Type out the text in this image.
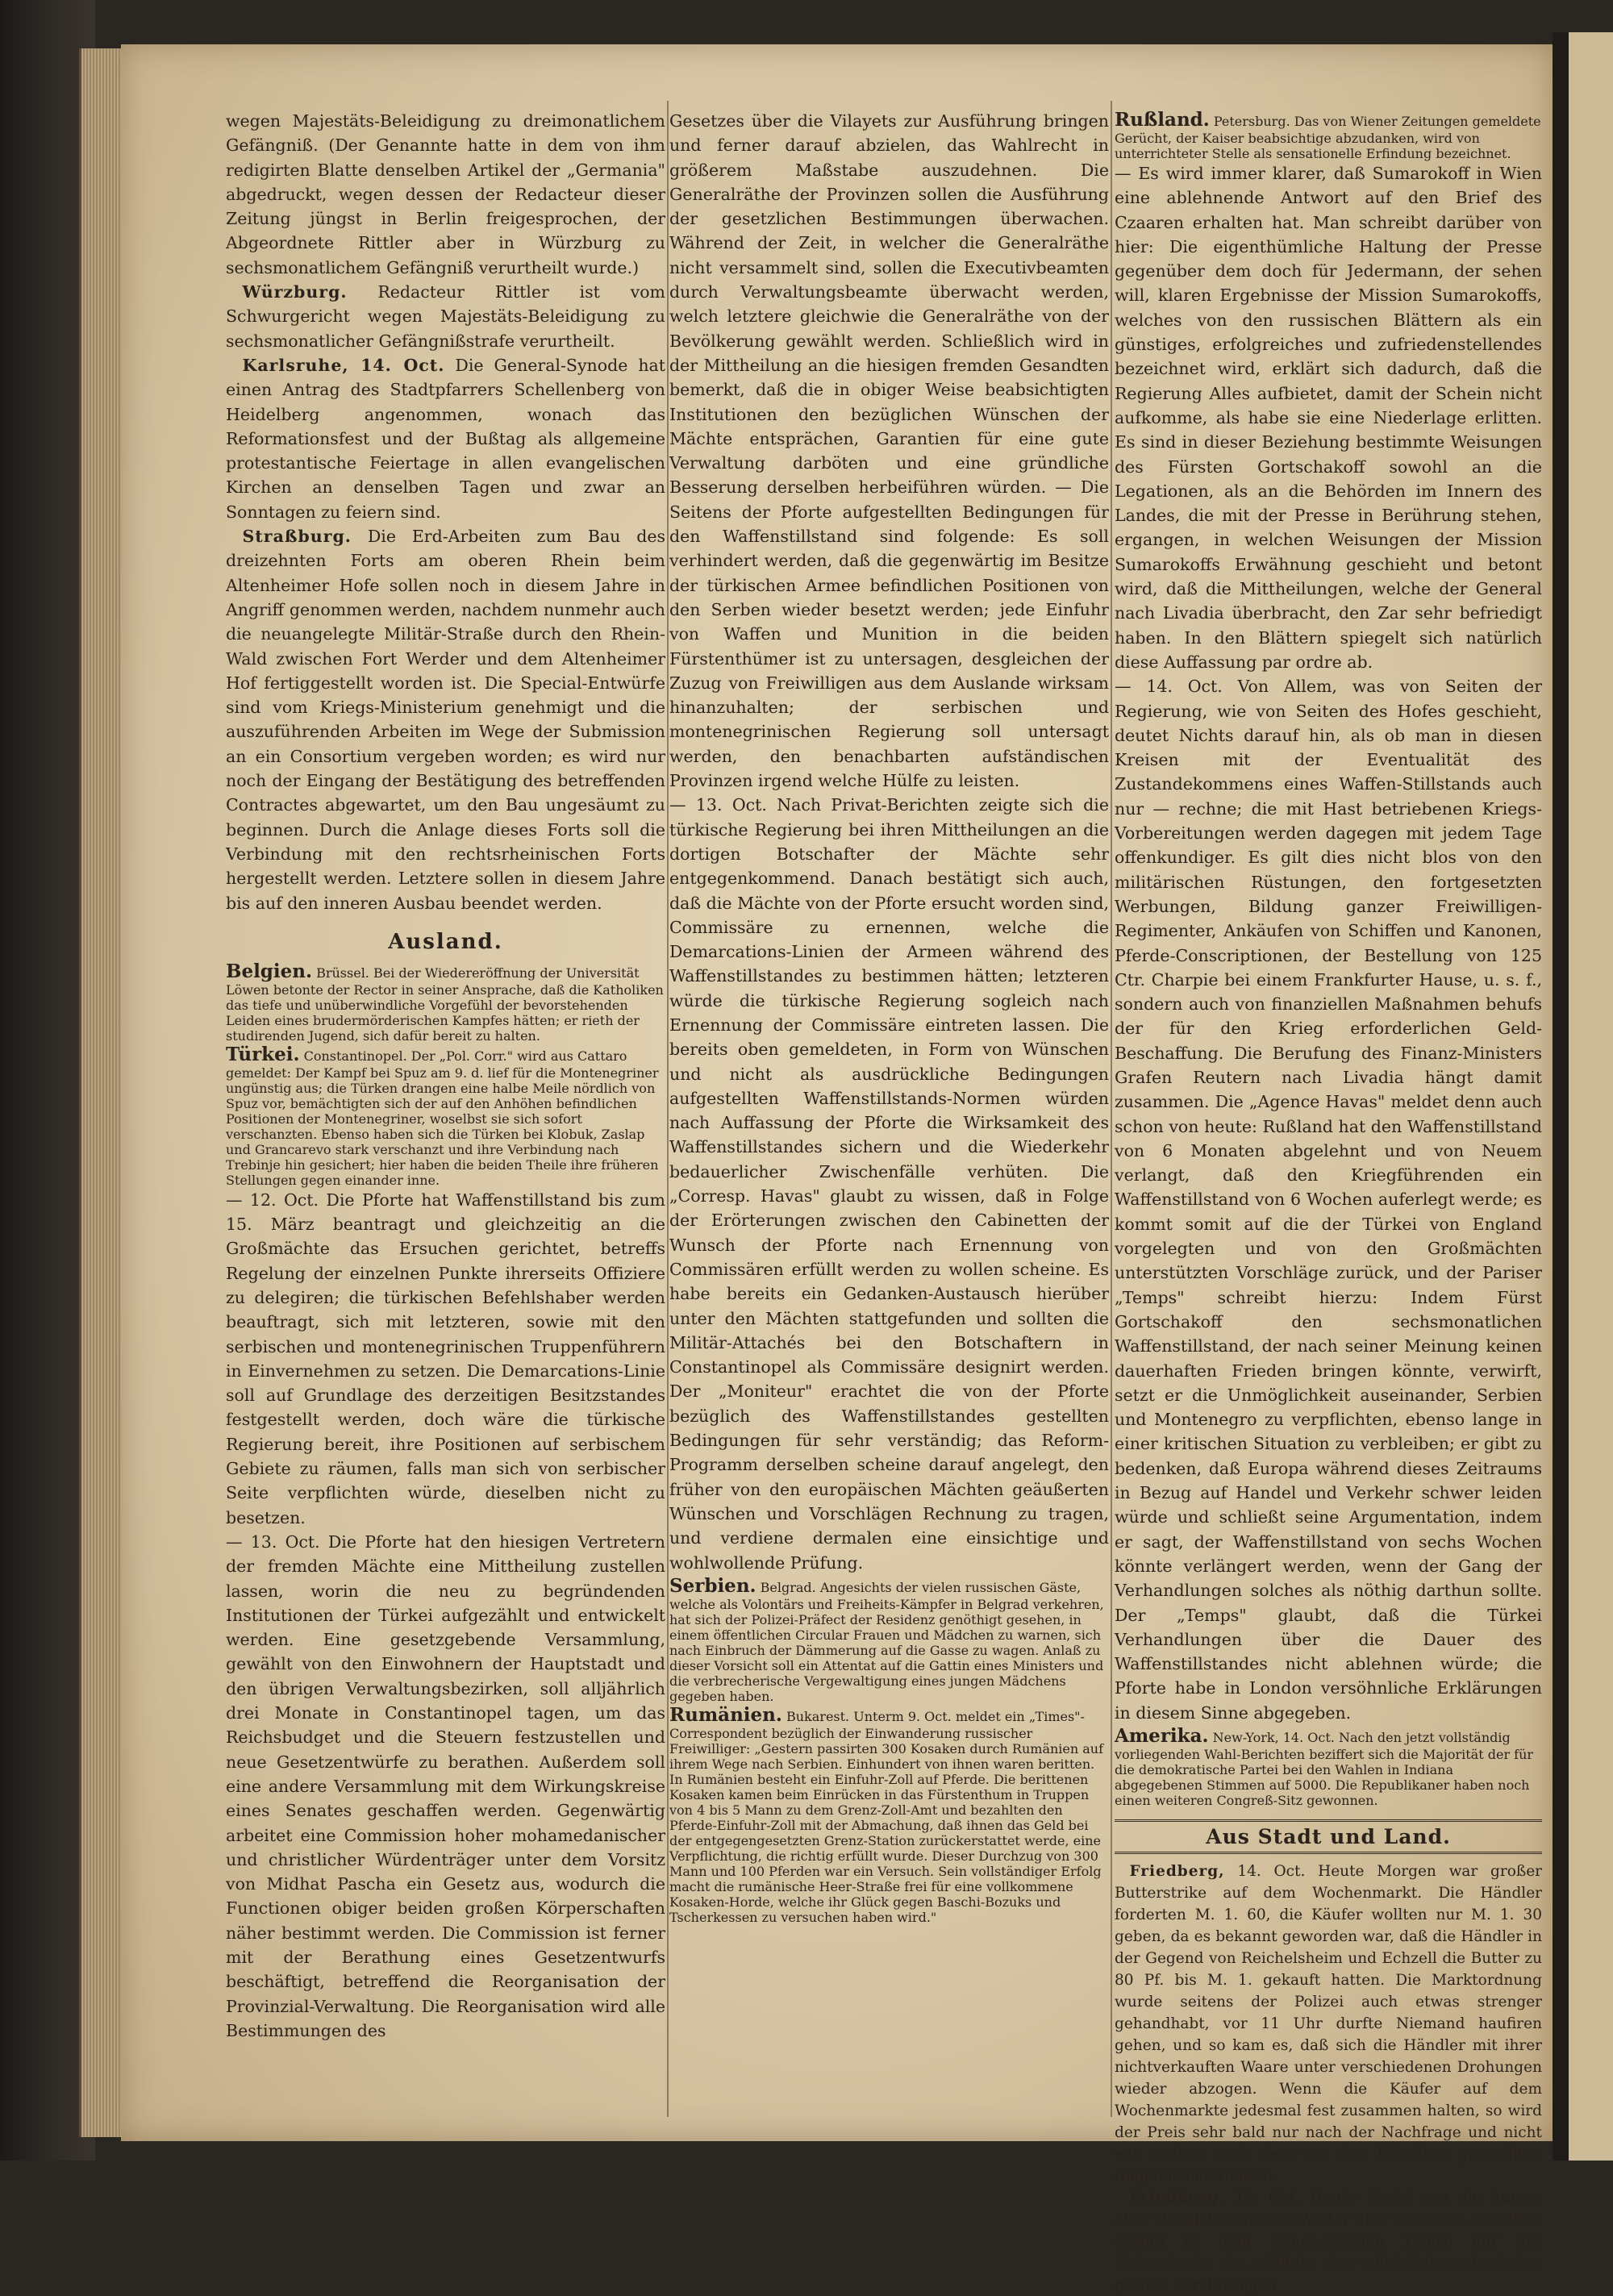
wegen Majestäts-Beleidigung zu dreimonatlichem Gefängniß. (Der Genannte hatte in dem von ihm redigirten Blatte denselben Artikel der „Germania" abgedruckt, wegen dessen der Redacteur dieser Zeitung jüngst in Berlin freigesprochen, der Abgeordnete Rittler aber in Würzburg zu sechsmonatlichem Gefängniß verurtheilt wurde.)

 Würzburg. Redacteur Rittler ist vom Schwurgericht wegen Majestäts-Beleidigung zu sechsmonatlicher Gefängnißstrafe verurtheilt.

 Karlsruhe, 14. Oct. Die General-Synode hat einen Antrag des Stadtpfarrers Schellenberg von Heidelberg angenommen, wonach das Reformationsfest und der Bußtag als allgemeine protestantische Feiertage in allen evangelischen Kirchen an denselben Tagen und zwar an Sonntagen zu feiern sind.

 Straßburg. Die Erd-Arbeiten zum Bau des dreizehnten Forts am oberen Rhein beim Altenheimer Hofe sollen noch in diesem Jahre in Angriff genommen werden, nachdem nunmehr auch die neuangelegte Militär-Straße durch den Rhein-Wald zwischen Fort Werder und dem Altenheimer Hof fertiggestellt worden ist. Die Special-Entwürfe sind vom Kriegs-Ministerium genehmigt und die auszuführenden Arbeiten im Wege der Submission an ein Consortium vergeben worden; es wird nur noch der Eingang der Bestätigung des betreffenden Contractes abgewartet, um den Bau ungesäumt zu beginnen. Durch die Anlage dieses Forts soll die Verbindung mit den rechtsrheinischen Forts hergestellt werden. Letztere sollen in diesem Jahre bis auf den inneren Ausbau beendet werden.

Ausland.

Belgien. Brüssel. Bei der Wiedereröffnung der Universität Löwen betonte der Rector in seiner Ansprache, daß die Katholiken das tiefe und unüberwindliche Vorgefühl der bevorstehenden Leiden eines brudermörderischen Kampfes hätten; er rieth der studirenden Jugend, sich dafür bereit zu halten.

Türkei. Constantinopel. Der „Pol. Corr." wird aus Cattaro gemeldet: Der Kampf bei Spuz am 9. d. lief für die Montenegriner ungünstig aus; die Türken drangen eine halbe Meile nördlich von Spuz vor, bemächtigten sich der auf den Anhöhen befindlichen Positionen der Montenegriner, woselbst sie sich sofort verschanzten. Ebenso haben sich die Türken bei Klobuk, Zaslap und Grancarevo stark verschanzt und ihre Verbindung nach Trebinje hin gesichert; hier haben die beiden Theile ihre früheren Stellungen gegen einander inne.

— 12. Oct. Die Pforte hat Waffenstillstand bis zum 15. März beantragt und gleichzeitig an die Großmächte das Ersuchen gerichtet, betreffs Regelung der einzelnen Punkte ihrerseits Offiziere zu delegiren; die türkischen Befehlshaber werden beauftragt, sich mit letzteren, sowie mit den serbischen und montenegrinischen Truppenführern in Einvernehmen zu setzen. Die Demarcations-Linie soll auf Grundlage des derzeitigen Besitzstandes festgestellt werden, doch wäre die türkische Regierung bereit, ihre Positionen auf serbischem Gebiete zu räumen, falls man sich von serbischer Seite verpflichten würde, dieselben nicht zu besetzen.

— 13. Oct. Die Pforte hat den hiesigen Vertretern der fremden Mächte eine Mittheilung zustellen lassen, worin die neu zu begründenden Institutionen der Türkei aufgezählt und entwickelt werden. Eine gesetzgebende Versammlung, gewählt von den Einwohnern der Hauptstadt und den übrigen Verwaltungsbezirken, soll alljährlich drei Monate in Constantinopel tagen, um das Reichsbudget und die Steuern festzustellen und neue Gesetzentwürfe zu berathen. Außerdem soll eine andere Versammlung mit dem Wirkungskreise eines Senates geschaffen werden. Gegenwärtig arbeitet eine Commission hoher mohamedanischer und christlicher Würdenträger unter dem Vorsitz von Midhat Pascha ein Gesetz aus, wodurch die Functionen obiger beiden großen Körperschaften näher bestimmt werden. Die Commission ist ferner mit der Berathung eines Gesetzentwurfs beschäftigt, betreffend die Reorganisation der Provinzial-Verwaltung. Die Reorganisation wird alle Bestimmungen des

Gesetzes über die Vilayets zur Ausführung bringen und ferner darauf abzielen, das Wahlrecht in größerem Maßstabe auszudehnen. Die Generalräthe der Provinzen sollen die Ausführung der gesetzlichen Bestimmungen überwachen. Während der Zeit, in welcher die Generalräthe nicht versammelt sind, sollen die Executivbeamten durch Verwaltungsbeamte überwacht werden, welch letztere gleichwie die Generalräthe von der Bevölkerung gewählt werden. Schließlich wird in der Mittheilung an die hiesigen fremden Gesandten bemerkt, daß die in obiger Weise beabsichtigten Institutionen den bezüglichen Wünschen der Mächte entsprächen, Garantien für eine gute Verwaltung darböten und eine gründliche Besserung derselben herbeiführen würden. — Die Seitens der Pforte aufgestellten Bedingungen für den Waffenstillstand sind folgende: Es soll verhindert werden, daß die gegenwärtig im Besitze der türkischen Armee befindlichen Positionen von den Serben wieder besetzt werden; jede Einfuhr von Waffen und Munition in die beiden Fürstenthümer ist zu untersagen, desgleichen der Zuzug von Freiwilligen aus dem Auslande wirksam hinanzuhalten; der serbischen und montenegrinischen Regierung soll untersagt werden, den benachbarten aufständischen Provinzen irgend welche Hülfe zu leisten.

— 13. Oct. Nach Privat-Berichten zeigte sich die türkische Regierung bei ihren Mittheilungen an die dortigen Botschafter der Mächte sehr entgegenkommend. Danach bestätigt sich auch, daß die Mächte von der Pforte ersucht worden sind, Commissäre zu ernennen, welche die Demarcations-Linien der Armeen während des Waffenstillstandes zu bestimmen hätten; letzteren würde die türkische Regierung sogleich nach Ernennung der Commissäre eintreten lassen. Die bereits oben gemeldeten, in Form von Wünschen und nicht als ausdrückliche Bedingungen aufgestellten Waffenstillstands-Normen würden nach Auffassung der Pforte die Wirksamkeit des Waffenstillstandes sichern und die Wiederkehr bedauerlicher Zwischenfälle verhüten. Die „Corresp. Havas" glaubt zu wissen, daß in Folge der Erörterungen zwischen den Cabinetten der Wunsch der Pforte nach Ernennung von Commissären erfüllt werden zu wollen scheine. Es habe bereits ein Gedanken-Austausch hierüber unter den Mächten stattgefunden und sollten die Militär-Attachés bei den Botschaftern in Constantinopel als Commissäre designirt werden. Der „Moniteur" erachtet die von der Pforte bezüglich des Waffenstillstandes gestellten Bedingungen für sehr verständig; das Reform-Programm derselben scheine darauf angelegt, den früher von den europäischen Mächten geäußerten Wünschen und Vorschlägen Rechnung zu tragen, und verdiene dermalen eine einsichtige und wohlwollende Prüfung.

Serbien. Belgrad. Angesichts der vielen russischen Gäste, welche als Volontärs und Freiheits-Kämpfer in Belgrad verkehren, hat sich der Polizei-Präfect der Residenz genöthigt gesehen, in einem öffentlichen Circular Frauen und Mädchen zu warnen, sich nach Einbruch der Dämmerung auf die Gasse zu wagen. Anlaß zu dieser Vorsicht soll ein Attentat auf die Gattin eines Ministers und die verbrecherische Vergewaltigung eines jungen Mädchens gegeben haben.

Rumänien. Bukarest. Unterm 9. Oct. meldet ein „Times"-Correspondent bezüglich der Einwanderung russischer Freiwilliger: „Gestern passirten 300 Kosaken durch Rumänien auf ihrem Wege nach Serbien. Einhundert von ihnen waren beritten. In Rumänien besteht ein Einfuhr-Zoll auf Pferde. Die berittenen Kosaken kamen beim Einrücken in das Fürstenthum in Truppen von 4 bis 5 Mann zu dem Grenz-Zoll-Amt und bezahlten den Pferde-Einfuhr-Zoll mit der Abmachung, daß ihnen das Geld bei der entgegengesetzten Grenz-Station zurückerstattet werde, eine Verpflichtung, die richtig erfüllt wurde. Dieser Durchzug von 300 Mann und 100 Pferden war ein Versuch. Sein vollständiger Erfolg macht die rumänische Heer-Straße frei für eine vollkommene Kosaken-Horde, welche ihr Glück gegen Baschi-Bozuks und Tscherkessen zu versuchen haben wird."

Rußland. Petersburg. Das von Wiener Zeitungen gemeldete Gerücht, der Kaiser beabsichtige abzudanken, wird von unterrichteter Stelle als sensationelle Erfindung bezeichnet.

— Es wird immer klarer, daß Sumarokoff in Wien eine ablehnende Antwort auf den Brief des Czaaren erhalten hat. Man schreibt darüber von hier: Die eigenthümliche Haltung der Presse gegenüber dem doch für Jedermann, der sehen will, klaren Ergebnisse der Mission Sumarokoffs, welches von den russischen Blättern als ein günstiges, erfolgreiches und zufriedenstellendes bezeichnet wird, erklärt sich dadurch, daß die Regierung Alles aufbietet, damit der Schein nicht aufkomme, als habe sie eine Niederlage erlitten. Es sind in dieser Beziehung bestimmte Weisungen des Fürsten Gortschakoff sowohl an die Legationen, als an die Behörden im Innern des Landes, die mit der Presse in Berührung stehen, ergangen, in welchen Weisungen der Mission Sumarokoffs Erwähnung geschieht und betont wird, daß die Mittheilungen, welche der General nach Livadia überbracht, den Zar sehr befriedigt haben. In den Blättern spiegelt sich natürlich diese Auffassung par ordre ab.

— 14. Oct. Von Allem, was von Seiten der Regierung, wie von Seiten des Hofes geschieht, deutet Nichts darauf hin, als ob man in diesen Kreisen mit der Eventualität des Zustandekommens eines Waffen-Stillstands auch nur — rechne; die mit Hast betriebenen Kriegs-Vorbereitungen werden dagegen mit jedem Tage offenkundiger. Es gilt dies nicht blos von den militärischen Rüstungen, den fortgesetzten Werbungen, Bildung ganzer Freiwilligen-Regimenter, Ankäufen von Schiffen und Kanonen, Pferde-Conscriptionen, der Bestellung von 125 Ctr. Charpie bei einem Frankfurter Hause, u. s. f., sondern auch von finanziellen Maßnahmen behufs der für den Krieg erforderlichen Geld-Beschaffung. Die Berufung des Finanz-Ministers Grafen Reutern nach Livadia hängt damit zusammen. Die „Agence Havas" meldet denn auch schon von heute: Rußland hat den Waffenstillstand von 6 Monaten abgelehnt und von Neuem verlangt, daß den Kriegführenden ein Waffenstillstand von 6 Wochen auferlegt werde; es kommt somit auf die der Türkei von England vorgelegten und von den Großmächten unterstützten Vorschläge zurück, und der Pariser „Temps" schreibt hierzu: Indem Fürst Gortschakoff den sechsmonatlichen Waffenstillstand, der nach seiner Meinung keinen dauerhaften Frieden bringen könnte, verwirft, setzt er die Unmöglichkeit auseinander, Serbien und Montenegro zu verpflichten, ebenso lange in einer kritischen Situation zu verbleiben; er gibt zu bedenken, daß Europa während dieses Zeitraums in Bezug auf Handel und Verkehr schwer leiden würde und schließt seine Argumentation, indem er sagt, der Waffenstillstand von sechs Wochen könnte verlängert werden, wenn der Gang der Verhandlungen solches als nöthig darthun sollte. Der „Temps" glaubt, daß die Türkei Verhandlungen über die Dauer des Waffenstillstandes nicht ablehnen würde; die Pforte habe in London versöhnliche Erklärungen in diesem Sinne abgegeben.

Amerika. New-York, 14. Oct. Nach den jetzt vollständig vorliegenden Wahl-Berichten beziffert sich die Majorität der für die demokratische Partei bei den Wahlen in Indiana abgegebenen Stimmen auf 5000. Die Republikaner haben noch einen weiteren Congreß-Sitz gewonnen.

Aus Stadt und Land.

 Friedberg, 14. Oct. Heute Morgen war großer Butterstrike auf dem Wochenmarkt. Die Händler forderten M. 1. 60, die Käufer wollten nur M. 1. 30 geben, da es bekannt geworden war, daß die Händler in der Gegend von Reichelsheim und Echzell die Butter zu 80 Pf. bis M. 1. gekauft hatten. Die Marktordnung wurde seitens der Polizei auch etwas strenger gehandhabt, vor 11 Uhr durfte Niemand haufiren gehen, und so kam es, daß sich die Händler mit ihrer nichtverkauften Waare unter verschiedenen Drohungen wieder abzogen. Wenn die Käufer auf dem Wochenmarkte jedesmal fest zusammen halten, so wird der Preis sehr bald nur nach der Nachfrage und nicht wie seither nach dem von den Händlern gemachten Angebot sich richten.

 Friedberg, 15. Oct. Heute Nacht zog ein kurzes aber ziemlich schweres Wetter über die Stadt. Der Blitz schlug in dem Windeck'schen Hause auf der Kaiserstraße ein, richtete aber glücklicherweise keine großen Zerstörungen
